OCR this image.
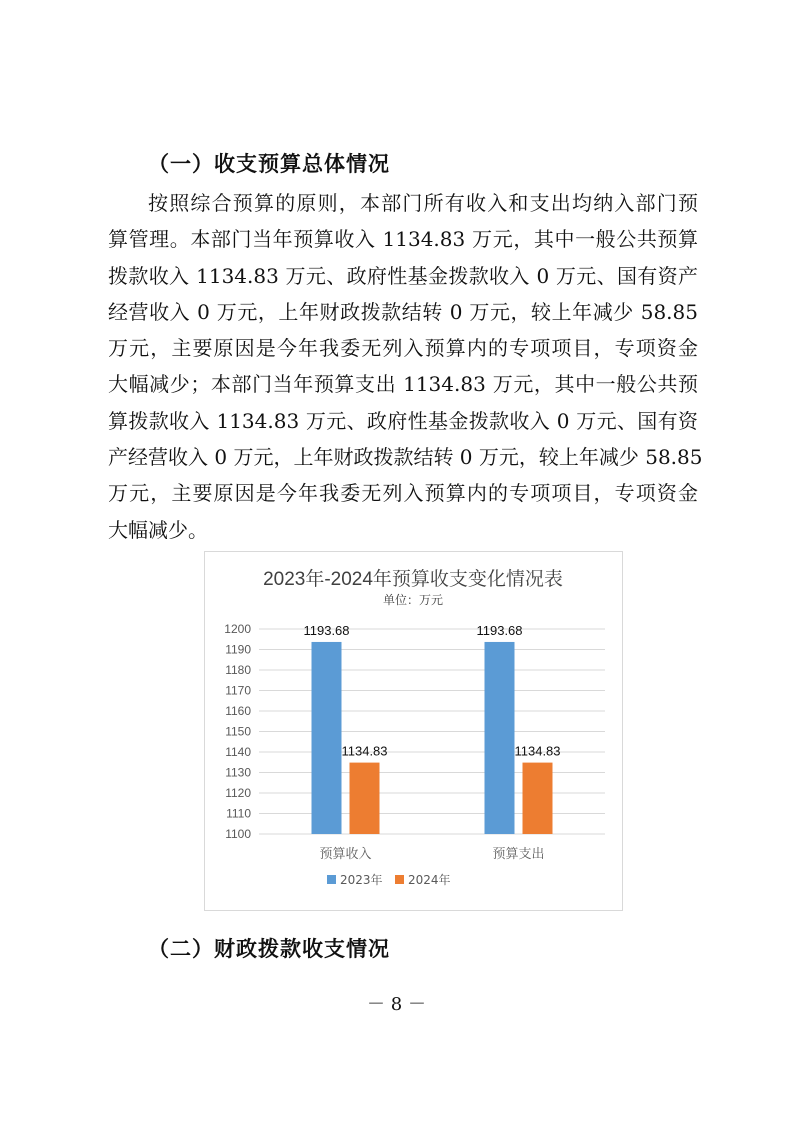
（一）收支预算总体情况
按照综合预算的原则，本部门所有收入和支出均纳入部门预
算管理。本部门当年预算收入 1134.83 万元，其中一般公共预算
拨款收入 1134.83 万元、政府性基金拨款收入 0 万元、国有资产
经营收入 0 万元，上年财政拨款结转 0 万元，较上年减少 58.85
万元，主要原因是今年我委无列入预算内的专项项目，专项资金
大幅减少；本部门当年预算支出 1134.83 万元，其中一般公共预
算拨款收入 1134.83 万元、政府性基金拨款收入 0 万元、国有资
产经营收入 0 万元，上年财政拨款结转 0 万元，较上年减少 58.85
万元，主要原因是今年我委无列入预算内的专项项目，专项资金
大幅减少。
2023年-2024年预算收支变化情况表
单位：万元
1100
1110
1120
1130
1140
1150
1160
1170
1180
1190
1200	1193.68
1134.83
1193.68
1134.83
预算收入	预算支出
2023年 2024年
（二）财政拨款收支情况
－ 8 －
